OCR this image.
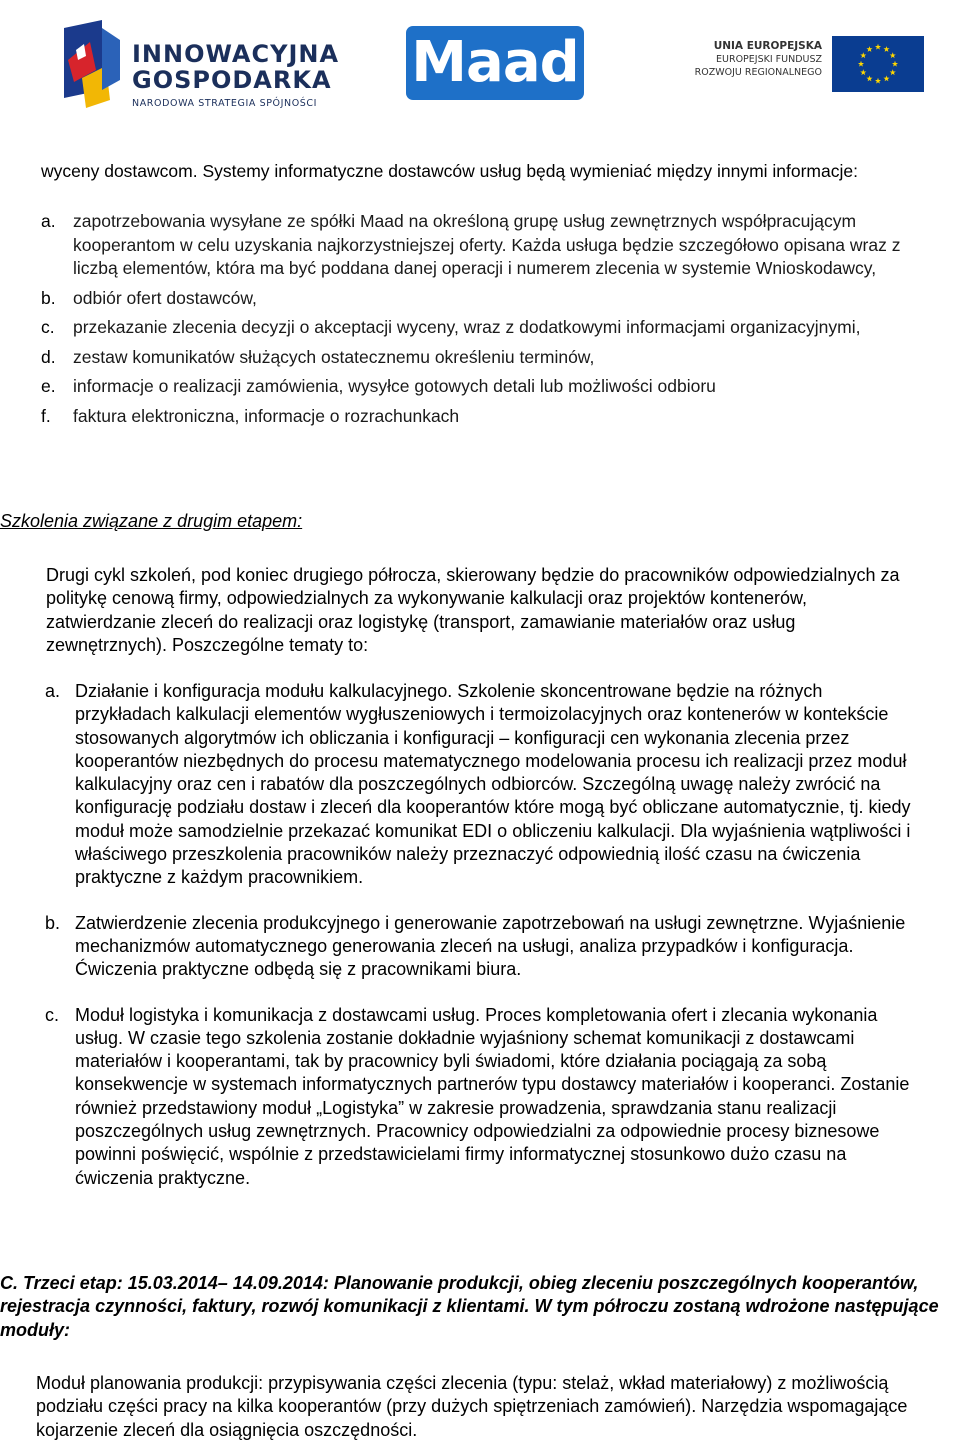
INNOWACYJNA
GOSPODARKA
NARODOWA STRATEGIA SPÓJNOŚCI
Maad	UNIA EUROPEJSKA
EUROPEJSKI FUNDUSZ
ROZWOJU REGIONALNEGO
wyceny dostawcom. Systemy informatyczne dostawców usług będą wymieniać między innymi informacje:
a. zapotrzebowania wysyłane ze spółki Maad na określoną grupę usług zewnętrznych współpracującym kooperantom w celu uzyskania najkorzystniejszej oferty. Każda usługa będzie szczegółowo opisana wraz z liczbą elementów, która ma być poddana danej operacji i numerem zlecenia w systemie Wnioskodawcy,
b. odbiór ofert dostawców,
c. przekazanie zlecenia decyzji o akceptacji wyceny, wraz z dodatkowymi informacjami organizacyjnymi,
d. zestaw komunikatów służących ostatecznemu określeniu terminów,
e. informacje o realizacji zamówienia, wysyłce gotowych detali lub możliwości odbioru
f. faktura elektroniczna, informacje o rozrachunkach
Szkolenia związane z drugim etapem:
Drugi cykl szkoleń, pod koniec drugiego półrocza, skierowany będzie do pracowników odpowiedzialnych za politykę cenową firmy, odpowiedzialnych za wykonywanie kalkulacji oraz projektów kontenerów, zatwierdzanie zleceń do realizacji oraz logistykę (transport, zamawianie materiałów oraz usług zewnętrznych). Poszczególne tematy to:
a. Działanie i konfiguracja modułu kalkulacyjnego. Szkolenie skoncentrowane będzie na różnych przykładach kalkulacji elementów wygłuszeniowych i termoizolacyjnych oraz kontenerów w kontekście stosowanych algorytmów ich obliczania i konfiguracji – konfiguracji cen wykonania zlecenia przez kooperantów niezbędnych do procesu matematycznego modelowania procesu ich realizacji przez moduł kalkulacyjny oraz cen i rabatów dla poszczególnych odbiorców. Szczególną uwagę należy zwrócić na konfigurację podziału dostaw i zleceń dla kooperantów które mogą być obliczane automatycznie, tj. kiedy moduł może samodzielnie przekazać komunikat EDI o obliczeniu kalkulacji. Dla wyjaśnienia wątpliwości i właściwego przeszkolenia pracowników należy przeznaczyć odpowiednią ilość czasu na ćwiczenia praktyczne z każdym pracownikiem.
b. Zatwierdzenie zlecenia produkcyjnego i generowanie zapotrzebowań na usługi zewnętrzne. Wyjaśnienie mechanizmów automatycznego generowania zleceń na usługi, analiza przypadków i konfiguracja. Ćwiczenia praktyczne odbędą się z pracownikami biura.
c. Moduł logistyka i komunikacja z dostawcami usług. Proces kompletowania ofert i zlecania wykonania usług. W czasie tego szkolenia zostanie dokładnie wyjaśniony schemat komunikacji z dostawcami materiałów i kooperantami, tak by pracownicy byli świadomi, które działania pociągają za sobą konsekwencje w systemach informatycznych partnerów typu dostawcy materiałów i kooperanci. Zostanie również przedstawiony moduł „Logistyka” w zakresie prowadzenia, sprawdzania stanu realizacji poszczególnych usług zewnętrznych. Pracownicy odpowiedzialni za odpowiednie procesy biznesowe powinni poświęcić, wspólnie z przedstawicielami firmy informatycznej stosunkowo dużo czasu na ćwiczenia praktyczne.
C. Trzeci etap: 15.03.2014– 14.09.2014: Planowanie produkcji, obieg zleceniu poszczególnych kooperantów, rejestracja czynności, faktury, rozwój komunikacji z klientami. W tym półroczu zostaną wdrożone następujące moduły:
Moduł planowania produkcji: przypisywania części zlecenia (typu: stelaż, wkład materiałowy) z możliwością podziału części pracy na kilka kooperantów (przy dużych spiętrzeniach zamówień). Narzędzia wspomagające kojarzenie zleceń dla osiągnięcia oszczędności.
